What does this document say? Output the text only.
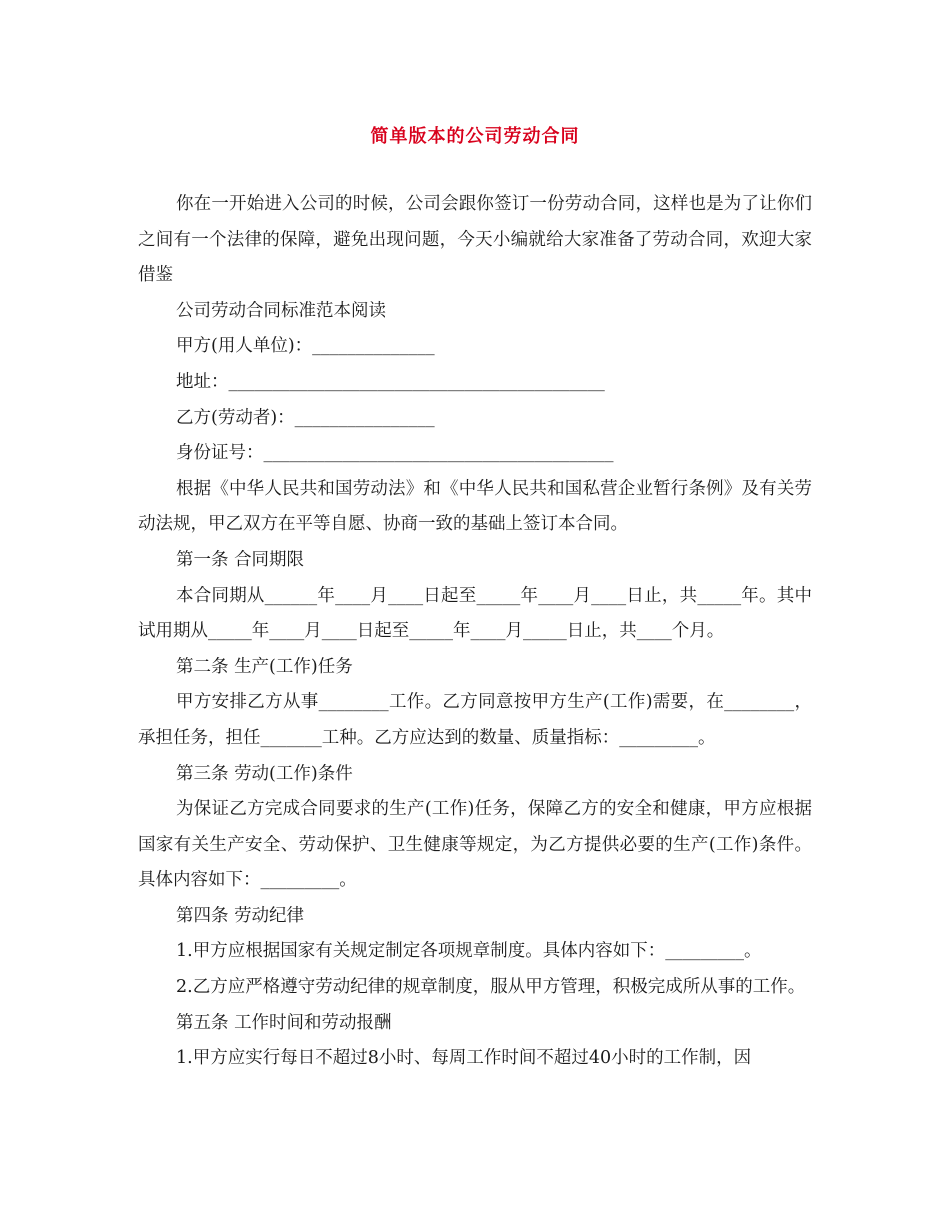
简单版本的公司劳动合同

你在一开始进入公司的时候，公司会跟你签订一份劳动合同，这样也是为了让你们之间有一个法律的保障，避免出现问题，今天小编就给大家准备了劳动合同，欢迎大家借鉴

公司劳动合同标准范本阅读

甲方(用人单位)：______________

地址：___________________________________________

乙方(劳动者)：________________

身份证号：________________________________________

根据《中华人民共和国劳动法》和《中华人民共和国私营企业暂行条例》及有关劳动法规，甲乙双方在平等自愿、协商一致的基础上签订本合同。

第一条 合同期限

本合同期从______年____月____日起至_____年____月____日止，共_____年。其中试用期从_____年____月____日起至_____年____月_____日止，共____个月。

第二条 生产(工作)任务

甲方安排乙方从事________工作。乙方同意按甲方生产(工作)需要，在________，承担任务，担任_______工种。乙方应达到的数量、质量指标：_________。

第三条 劳动(工作)条件

为保证乙方完成合同要求的生产(工作)任务，保障乙方的安全和健康，甲方应根据国家有关生产安全、劳动保护、卫生健康等规定，为乙方提供必要的生产(工作)条件。具体内容如下：_________。

第四条 劳动纪律

1.甲方应根据国家有关规定制定各项规章制度。具体内容如下：_________。

2.乙方应严格遵守劳动纪律的规章制度，服从甲方管理，积极完成所从事的工作。

第五条 工作时间和劳动报酬

1.甲方应实行每日不超过8小时、每周工作时间不超过40小时的工作制，因
